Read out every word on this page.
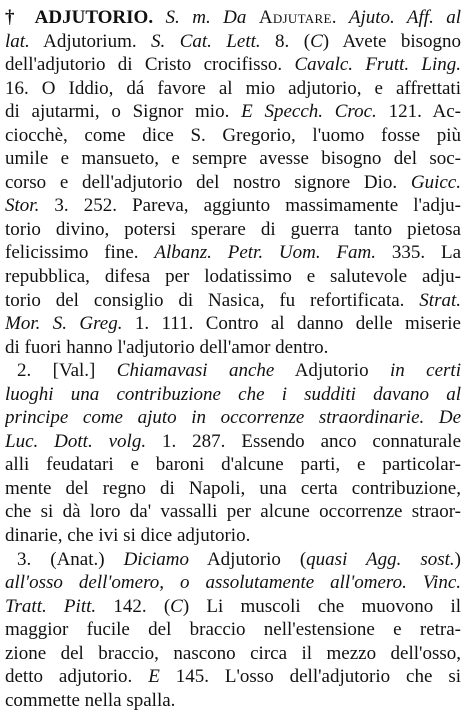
† ADJUTORIO. S. m. Da Adjutare. Ajuto. Aff. al
lat. Adjutorium. S. Cat. Lett. 8. (C) Avete bisogno
dell'adjutorio di Cristo crocifisso. Cavalc. Frutt. Ling.
16. O Iddio, dá favore al mio adjutorio, e affrettati
di ajutarmi, o Signor mio. E Specch. Croc. 121. Ac-
ciocchè, come dice S. Gregorio, l'uomo fosse più
umile e mansueto, e sempre avesse bisogno del soc-
corso e dell'adjutorio del nostro signore Dio. Guicc.
Stor. 3. 252. Pareva, aggiunto massimamente l'adju-
torio divino, potersi sperare di guerra tanto pietosa
felicissimo fine. Albanz. Petr. Uom. Fam. 335. La
repubblica, difesa per lodatissimo e salutevole adju-
torio del consiglio di Nasica, fu refortificata. Strat.
Mor. S. Greg. 1. 111. Contro al danno delle miserie
di fuori hanno l'adjutorio dell'amor dentro.
2. [Val.] Chiamavasi anche Adjutorio in certi
luoghi una contribuzione che i sudditi davano al
principe come ajuto in occorrenze straordinarie. De
Luc. Dott. volg. 1. 287. Essendo anco connaturale
alli feudatari e baroni d'alcune parti, e particolar-
mente del regno di Napoli, una certa contribuzione,
che si dà loro da' vassalli per alcune occorrenze straor-
dinarie, che ivi si dice adjutorio.
3. (Anat.) Diciamo Adjutorio (quasi Agg. sost.)
all'osso dell'omero, o assolutamente all'omero. Vinc.
Tratt. Pitt. 142. (C) Li muscoli che muovono il
maggior fucile del braccio nell'estensione e retra-
zione del braccio, nascono circa il mezzo dell'osso,
detto adjutorio. E 145. L'osso dell'adjutorio che si
commette nella spalla.
